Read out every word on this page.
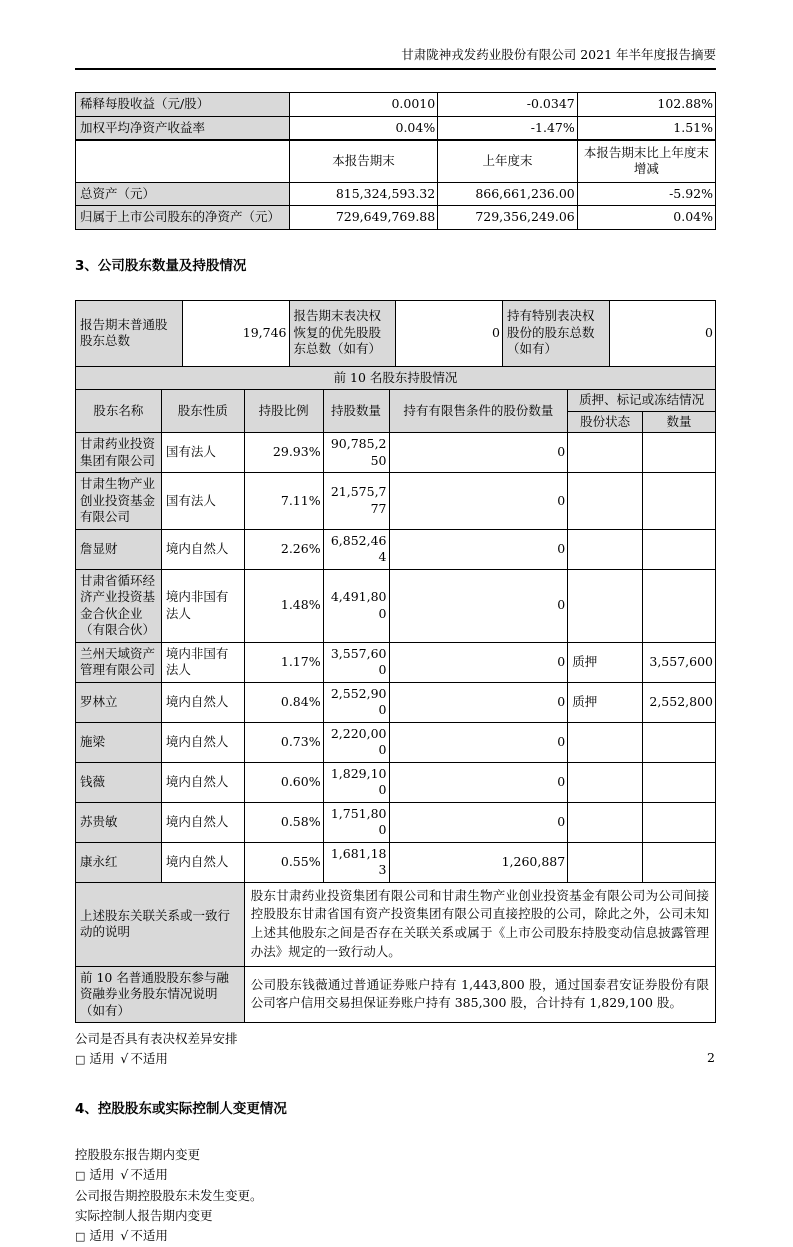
甘肃陇神戎发药业股份有限公司 2021 年半年度报告摘要
稀释每股收益（元/股）	0.0010	-0.0347	102.88%
加权平均净资产收益率	0.04%	-1.47%	1.51%
	本报告期末	上年度末	本报告期末比上年度末增减
总资产（元）	815,324,593.32	866,661,236.00	-5.92%
归属于上市公司股东的净资产（元）	729,649,769.88	729,356,249.06	0.04%
3、公司股东数量及持股情况
报告期末普通股股东总数	19,746	报告期末表决权恢复的优先股股东总数（如有）	0	持有特别表决权股份的股东总数（如有）	0
前 10 名股东持股情况						
股东名称	股东性质	持股比例	持股数量	持有有限售条件的股份数量	质押、标记或冻结情况	
					股份状态	数量
甘肃药业投资集团有限公司	国有法人	29.93%	90,785,250	0		
甘肃生物产业创业投资基金有限公司	国有法人	7.11%	21,575,777	0		
詹显财	境内自然人	2.26%	6,852,464	0		
甘肃省循环经济产业投资基金合伙企业（有限合伙）	境内非国有法人	1.48%	4,491,800	0		
兰州天域资产管理有限公司	境内非国有法人	1.17%	3,557,600	0	质押	3,557,600
罗林立	境内自然人	0.84%	2,552,900	0	质押	2,552,800
施梁	境内自然人	0.73%	2,220,000	0		
钱薇	境内自然人	0.60%	1,829,100	0		
苏贵敏	境内自然人	0.58%	1,751,800	0		
康永红	境内自然人	0.55%	1,681,183	1,260,887		
上述股东关联关系或一致行动的说明		股东甘肃药业投资集团有限公司和甘肃生物产业创业投资基金有限公司为公司间接控股股东甘肃省国有资产投资集团有限公司直接控股的公司，除此之外，公司未知上述其他股东之间是否存在关联关系或属于《上市公司股东持股变动信息披露管理办法》规定的一致行动人。				
前 10 名普通股股东参与融资融券业务股东情况说明（如有）		公司股东钱薇通过普通证券账户持有 1,443,800 股，通过国泰君安证券股份有限公司客户信用交易担保证券账户持有 385,300 股，合计持有 1,829,100 股。				
公司是否具有表决权差异安排
□ 适用 √ 不适用
4、控股股东或实际控制人变更情况
控股股东报告期内变更
□ 适用 √ 不适用
公司报告期控股股东未发生变更。
实际控制人报告期内变更
□ 适用 √ 不适用
2
